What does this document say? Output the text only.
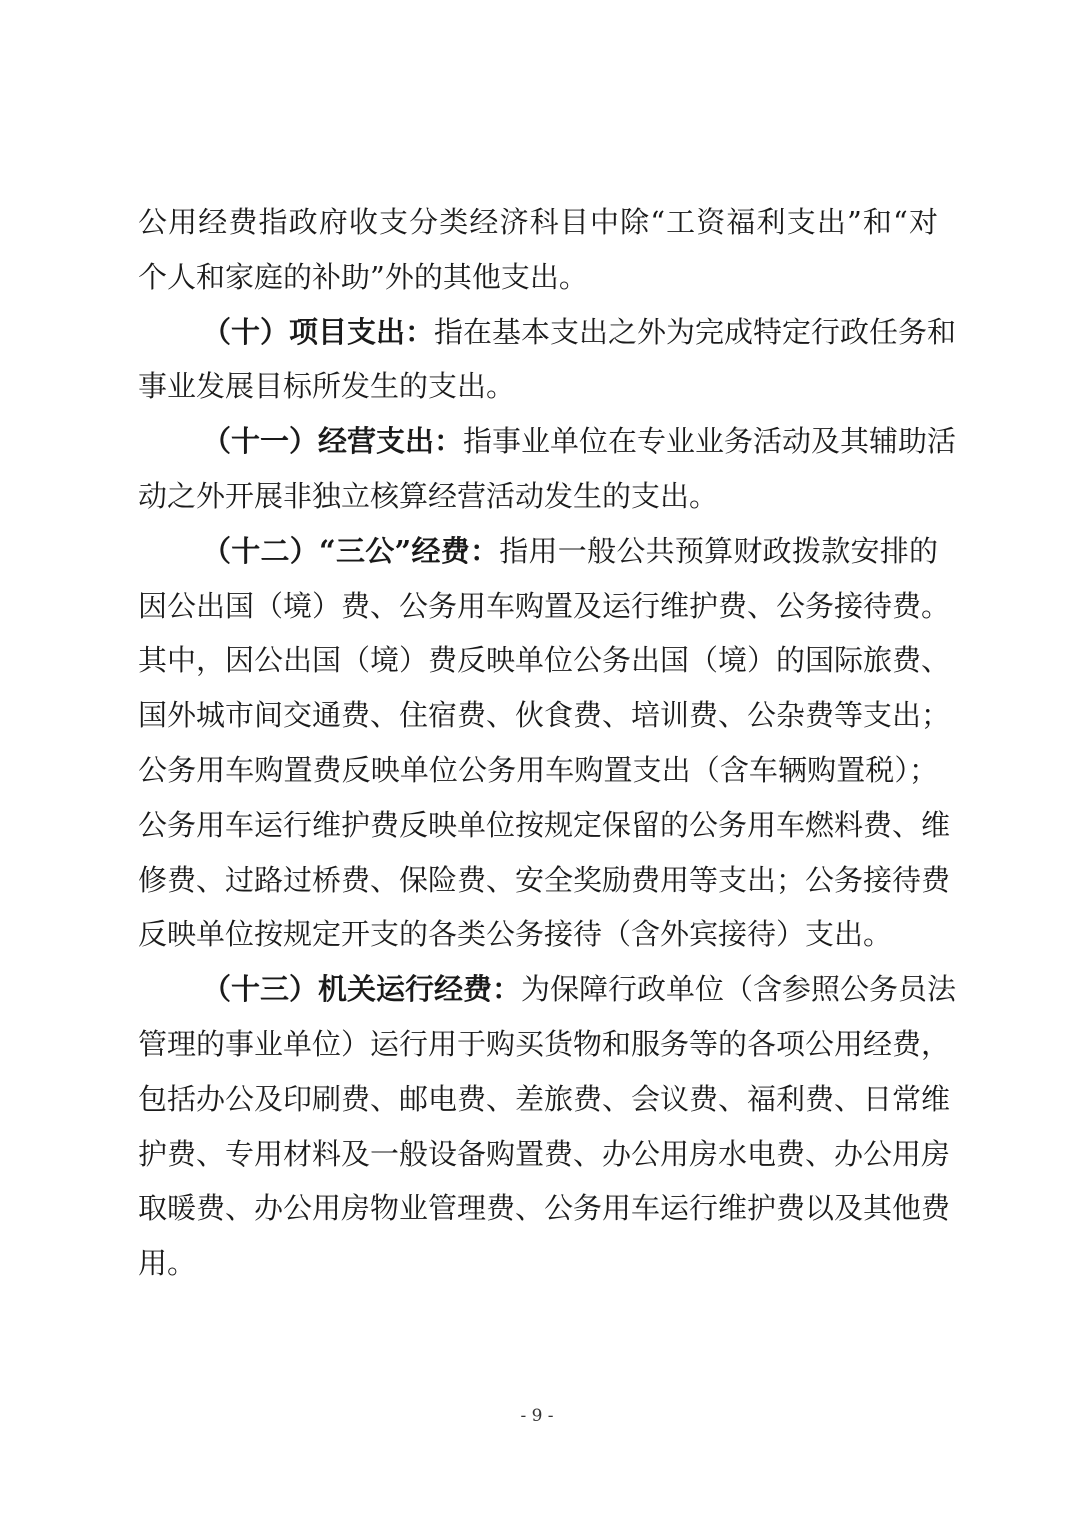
公用经费指政府收支分类经济科目中除“工资福利支出”和“对
个人和家庭的补助”外的其他支出。
（十）项目支出：指在基本支出之外为完成特定行政任务和
事业发展目标所发生的支出。
（十一）经营支出：指事业单位在专业业务活动及其辅助活
动之外开展非独立核算经营活动发生的支出。
（十二）“三公”经费：指用一般公共预算财政拨款安排的
因公出国（境）费、公务用车购置及运行维护费、公务接待费。
其中，因公出国（境）费反映单位公务出国（境）的国际旅费、
国外城市间交通费、住宿费、伙食费、培训费、公杂费等支出；
公务用车购置费反映单位公务用车购置支出（含车辆购置税）；
公务用车运行维护费反映单位按规定保留的公务用车燃料费、维
修费、过路过桥费、保险费、安全奖励费用等支出；公务接待费
反映单位按规定开支的各类公务接待（含外宾接待）支出。
（十三）机关运行经费：为保障行政单位（含参照公务员法
管理的事业单位）运行用于购买货物和服务等的各项公用经费，
包括办公及印刷费、邮电费、差旅费、会议费、福利费、日常维
护费、专用材料及一般设备购置费、办公用房水电费、办公用房
取暖费、办公用房物业管理费、公务用车运行维护费以及其他费
用。
- 9 -
